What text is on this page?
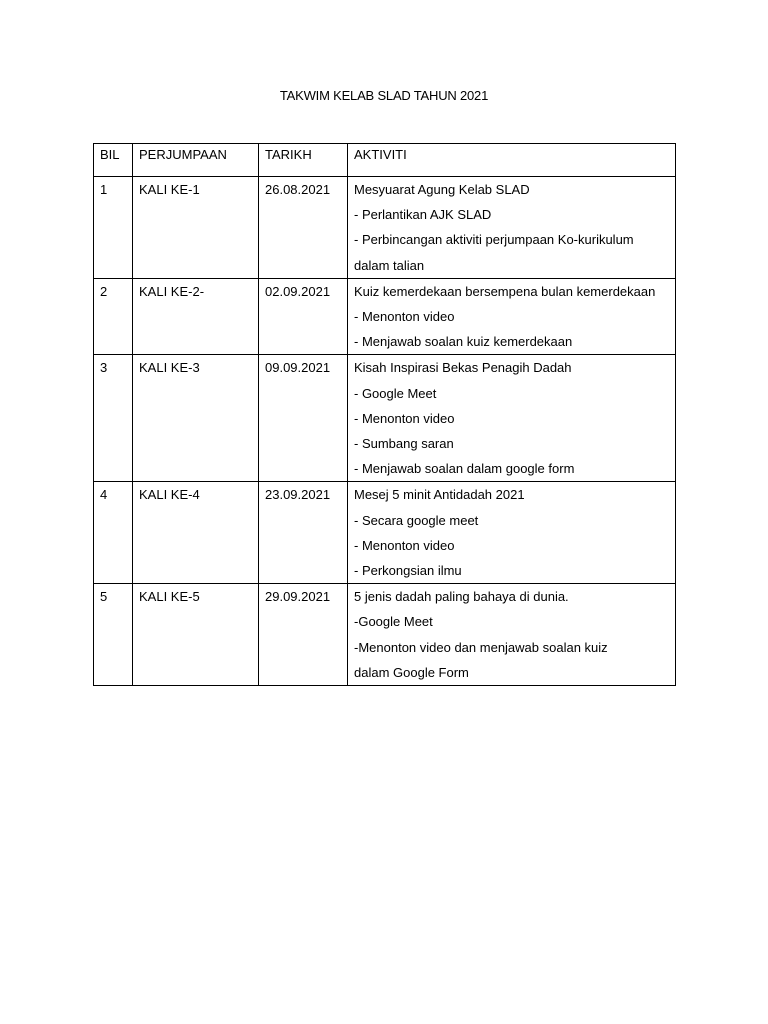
TAKWIM KELAB SLAD TAHUN 2021
BIL	PERJUMPAAN	TARIKH	AKTIVITI
1	KALI KE-1	26.08.2021	Mesyuarat Agung Kelab SLAD
- Perlantikan AJK SLAD
- Perbincangan aktiviti perjumpaan Ko-kurikulum dalam talian

2	KALI KE-2-	02.09.2021	Kuiz kemerdekaan bersempena bulan kemerdekaan
- Menonton video
- Menjawab soalan kuiz kemerdekaan

3	KALI KE-3	09.09.2021	Kisah Inspirasi Bekas Penagih Dadah
- Google Meet
- Menonton video
- Sumbang saran
- Menjawab soalan dalam google form

4	KALI KE-4	23.09.2021	Mesej 5 minit Antidadah 2021
- Secara google meet
- Menonton video
- Perkongsian ilmu

5	KALI KE-5	29.09.2021	5 jenis dadah paling bahaya di dunia.
-Google Meet
-Menonton video dan menjawab soalan kuiz
dalam Google Form
